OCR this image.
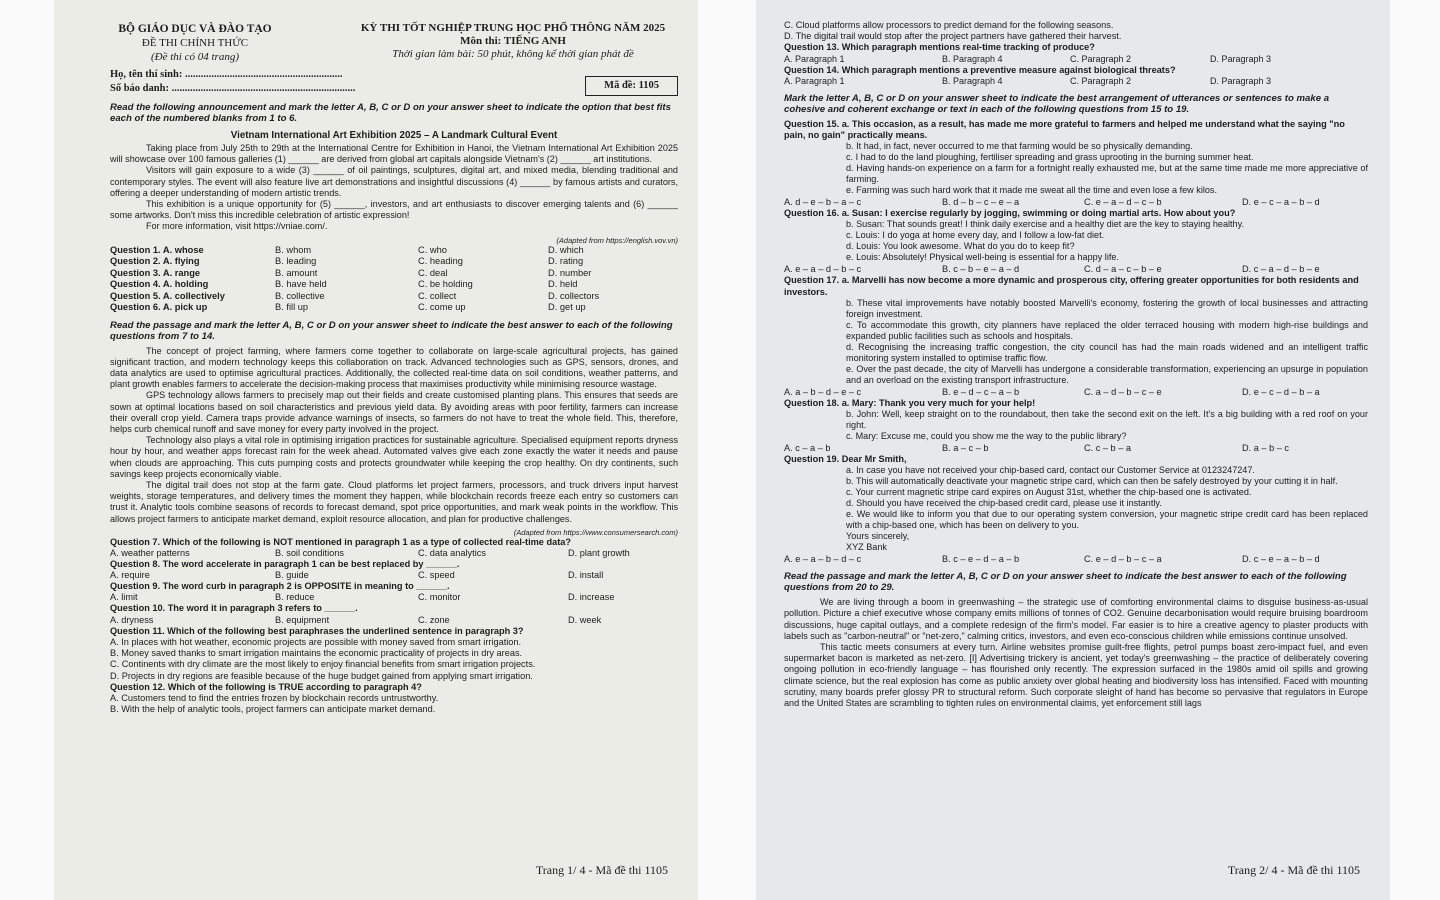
BỘ GIÁO DỤC VÀ ĐÀO TẠO
ĐỀ THI CHÍNH THỨC
(Đề thi có 04 trang)
KỲ THI TỐT NGHIỆP TRUNG HỌC PHỔ THÔNG NĂM 2025
Môn thi: TIẾNG ANH
Thời gian làm bài: 50 phút, không kể thời gian phát đề
Họ, tên thí sinh: ............................................................
Số báo danh: ......................................................................	Mã đề: 1105
Read the following announcement and mark the letter A, B, C or D on your answer sheet to indicate the option that best fits each of the numbered blanks from 1 to 6.
Vietnam International Art Exhibition 2025 – A Landmark Cultural Event

Taking place from July 25th to 29th at the International Centre for Exhibition in Hanoi, the Vietnam International Art Exhibition 2025 will showcase over 100 famous galleries (1) ______ are derived from global art capitals alongside Vietnam's (2) ______ art institutions.

Visitors will gain exposure to a wide (3) ______ of oil paintings, sculptures, digital art, and mixed media, blending traditional and contemporary styles. The event will also feature live art demonstrations and insightful discussions (4) ______ by famous artists and curators, offering a deeper understanding of modern artistic trends.

This exhibition is a unique opportunity for (5) ______, investors, and art enthusiasts to discover emerging talents and (6) ______ some artworks. Don't miss this incredible celebration of artistic expression!

For more information, visit https://vniae.com/.

(Adapted from https://english.vov.vn)
Question 1. A. whose	B. whom	C. who	D. which
Question 2. A. flying	B. leading	C. heading	D. rating
Question 3. A. range	B. amount	C. deal	D. number
Question 4. A. holding	B. have held	C. be holding	D. held
Question 5. A. collectively	B. collective	C. collect	D. collectors
Question 6. A. pick up	B. fill up	C. come up	D. get up
Read the passage and mark the letter A, B, C or D on your answer sheet to indicate the best answer to each of the following questions from 7 to 14.

The concept of project farming, where farmers come together to collaborate on large-scale agricultural projects, has gained significant traction, and modern technology keeps this collaboration on track. Advanced technologies such as GPS, sensors, drones, and data analytics are used to optimise agricultural practices. Additionally, the collected real-time data on soil conditions, weather patterns, and plant growth enables farmers to accelerate the decision-making process that maximises productivity while minimising resource wastage.

GPS technology allows farmers to precisely map out their fields and create customised planting plans. This ensures that seeds are sown at optimal locations based on soil characteristics and previous yield data. By avoiding areas with poor fertility, farmers can increase their overall crop yield. Camera traps provide advance warnings of insects, so farmers do not have to treat the whole field. This, therefore, helps curb chemical runoff and save money for every party involved in the project.

Technology also plays a vital role in optimising irrigation practices for sustainable agriculture. Specialised equipment reports dryness hour by hour, and weather apps forecast rain for the week ahead. Automated valves give each zone exactly the water it needs and pause when clouds are approaching. This cuts pumping costs and protects groundwater while keeping the crop healthy. On dry continents, such savings keep projects economically viable.

The digital trail does not stop at the farm gate. Cloud platforms let project farmers, processors, and truck drivers input harvest weights, storage temperatures, and delivery times the moment they happen, while blockchain records freeze each entry so customers can trust it. Analytic tools combine seasons of records to forecast demand, spot price opportunities, and mark weak points in the workflow. This allows project farmers to anticipate market demand, exploit resource allocation, and plan for productive challenges.

(Adapted from https://www.consumersearch.com)
Question 7. Which of the following is NOT mentioned in paragraph 1 as a type of collected real-time data?
A. weather patterns	B. soil conditions	C. data analytics	D. plant growth
Question 8. The word accelerate in paragraph 1 can be best replaced by ______.
A. require	B. guide	C. speed	D. install
Question 9. The word curb in paragraph 2 is OPPOSITE in meaning to ______.
A. limit	B. reduce	C. monitor	D. increase
Question 10. The word it in paragraph 3 refers to ______.
A. dryness	B. equipment	C. zone	D. week
Question 11. Which of the following best paraphrases the underlined sentence in paragraph 3?
A. In places with hot weather, economic projects are possible with money saved from smart irrigation.
B. Money saved thanks to smart irrigation maintains the economic practicality of projects in dry areas.
C. Continents with dry climate are the most likely to enjoy financial benefits from smart irrigation projects.
D. Projects in dry regions are feasible because of the huge budget gained from applying smart irrigation.
Question 12. Which of the following is TRUE according to paragraph 4?
A. Customers tend to find the entries frozen by blockchain records untrustworthy.
B. With the help of analytic tools, project farmers can anticipate market demand.
Trang 1/ 4 - Mã đề thi 1105
C. Cloud platforms allow processors to predict demand for the following seasons.
D. The digital trail would stop after the project partners have gathered their harvest.
Question 13. Which paragraph mentions real-time tracking of produce?
A. Paragraph 1	B. Paragraph 4	C. Paragraph 2	D. Paragraph 3
Question 14. Which paragraph mentions a preventive measure against biological threats?
A. Paragraph 1	B. Paragraph 4	C. Paragraph 2	D. Paragraph 3
Mark the letter A, B, C or D on your answer sheet to indicate the best arrangement of utterances or sentences to make a cohesive and coherent exchange or text in each of the following questions from 15 to 19.
Question 15. a. This occasion, as a result, has made me more grateful to farmers and helped me understand what the saying "no pain, no gain" practically means.
b. It had, in fact, never occurred to me that farming would be so physically demanding.
c. I had to do the land ploughing, fertiliser spreading and grass uprooting in the burning summer heat.
d. Having hands-on experience on a farm for a fortnight really exhausted me, but at the same time made me more appreciative of farming.
e. Farming was such hard work that it made me sweat all the time and even lose a few kilos.
A. d – e – b – a – c	B. d – b – c – e – a	C. e – a – d – c – b	D. e – c – a – b – d
Question 16. a. Susan: I exercise regularly by jogging, swimming or doing martial arts. How about you?
b. Susan: That sounds great! I think daily exercise and a healthy diet are the key to staying healthy.
c. Louis: I do yoga at home every day, and I follow a low-fat diet.
d. Louis: You look awesome. What do you do to keep fit?
e. Louis: Absolutely! Physical well-being is essential for a happy life.
A. e – a – d – b – c	B. c – b – e – a – d	C. d – a – c – b – e	D. c – a – d – b – e
Question 17. a. Marvelli has now become a more dynamic and prosperous city, offering greater opportunities for both residents and investors.
b. These vital improvements have notably boosted Marvelli's economy, fostering the growth of local businesses and attracting foreign investment.
c. To accommodate this growth, city planners have replaced the older terraced housing with modern high-rise buildings and expanded public facilities such as schools and hospitals.
d. Recognising the increasing traffic congestion, the city council has had the main roads widened and an intelligent traffic monitoring system installed to optimise traffic flow.
e. Over the past decade, the city of Marvelli has undergone a considerable transformation, experiencing an upsurge in population and an overload on the existing transport infrastructure.
A. a – b – d – e – c	B. e – d – c – a – b	C. a – d – b – c – e	D. e – c – d – b – a
Question 18. a. Mary: Thank you very much for your help!
b. John: Well, keep straight on to the roundabout, then take the second exit on the left. It's a big building with a red roof on your right.
c. Mary: Excuse me, could you show me the way to the public library?
A. c – a – b	B. a – c – b	C. c – b – a	D. a – b – c
Question 19. Dear Mr Smith,
a. In case you have not received your chip-based card, contact our Customer Service at 0123247247.
b. This will automatically deactivate your magnetic stripe card, which can then be safely destroyed by your cutting it in half.
c. Your current magnetic stripe card expires on August 31st, whether the chip-based one is activated.
d. Should you have received the chip-based credit card, please use it instantly.
e. We would like to inform you that due to our operating system conversion, your magnetic stripe credit card has been replaced with a chip-based one, which has been on delivery to you.
Yours sincerely,
XYZ Bank
A. e – a – b – d – c	B. c – e – d – a – b	C. e – d – b – c – a	D. c – e – a – b – d
Read the passage and mark the letter A, B, C or D on your answer sheet to indicate the best answer to each of the following questions from 20 to 29.

We are living through a boom in greenwashing – the strategic use of comforting environmental claims to disguise business-as-usual pollution. Picture a chief executive whose company emits millions of tonnes of CO2. Genuine decarbonisation would require bruising boardroom discussions, huge capital outlays, and a complete redesign of the firm's model. Far easier is to hire a creative agency to plaster products with labels such as "carbon-neutral" or "net-zero," calming critics, investors, and even eco-conscious children while emissions continue unsolved.

This tactic meets consumers at every turn. Airline websites promise guilt-free flights, petrol pumps boast zero-impact fuel, and even supermarket bacon is marketed as net-zero. [I] Advertising trickery is ancient, yet today's greenwashing – the practice of deliberately covering ongoing pollution in eco-friendly language – has flourished only recently. The expression surfaced in the 1980s amid oil spills and growing climate science, but the real explosion has come as public anxiety over global heating and biodiversity loss has intensified. Faced with mounting scrutiny, many boards prefer glossy PR to structural reform. Such corporate sleight of hand has become so pervasive that regulators in Europe and the United States are scrambling to tighten rules on environmental claims, yet enforcement still lags

Trang 2/ 4 - Mã đề thi 1105
